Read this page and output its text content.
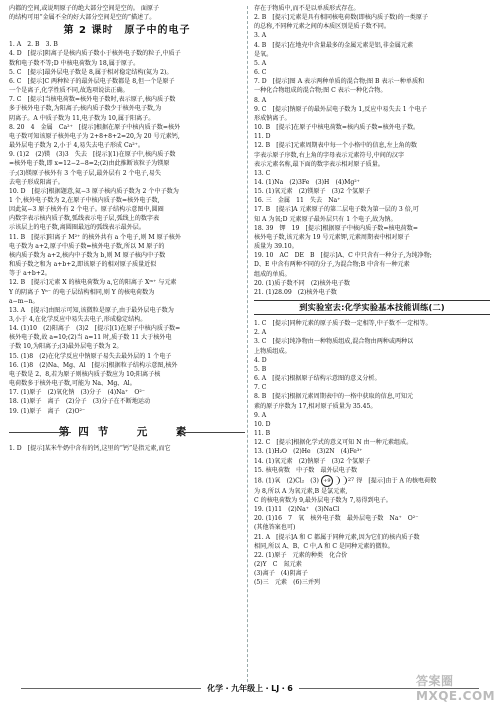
内都的空间,或说明原子的绝大部分空间是空的。 面原子
的结构可用“金属不全的好大部分空间是空的”描述了。
第 2 课时　原子中的电子
1. A　2. B　3. B
4. D　[提示]阴离子是核内质子数小于核外电子数的粒子,中质子
数和电子数不等;D 中核电荷数为 18,属于原子。
5. C　[提示]最外层电子数是 8,属于相对稳定结构(氦为 2)。
6. C　[提示]C 两种粒子的最外层电子数都是 8,但一个是原子
一个是离子,化学性质不同,故选项说法正确。
7. C　[提示]当核电荷数=核外电子数时,表示原子,核内质子数
多于核外电子数,为阳离子;核内质子数少于核外电子数,为
阴离子。A 中质子数为 11,电子数为 10,属于阳离子。
8. 20　4　金属　Ca²⁺　[提示]根据在原子中核内质子数=核外
电子数可知该原子核外电子为 2+8+8+2=20,为 20 号元素钙,
最外层电子数为 2,小于 4,易失去电子形成 Ca²⁺。
9. (1)2　(2)镁　(3)3　失去　[提示](1)在原子中,核内质子数
=核外电子数,即 x=12−2−8=2;(2)由此推断该粒子为镁原
子;(3)镁原子核外有 3 个电子层,最外层有 2 个电子,易失
去电子形成阳离子。
10. D　[提示]根据题意,氦−3 原子核内质子数为 2 个中子数为
1 个,核外电子数为 2,在原子中核内质子数=核外电子数,
因此氦−3 原子核外有 2 个电子。原子结构示意图中,圆圈
内数字表示核内质子数,弧线表示电子层,弧线上的数字表
示该层上的电子数,离圆圈最远的弧线表示最外层。
11. B　[提示]阳离子 M²⁺ 的核外共有 a 个电子,则 M 原子核外
电子数为 a+2,原子中质子数=核外电子数,所以 M 原子的
核内质子数为 a+2,核内中子数为 b,则 M 原子核内中子数
和质子数之和为 a+b+2,即该原子的相对原子质量近似
等于 a+b+2。
12. B　[提示]元素 X 的核电荷数为 a,它的阳离子 Xᵐ⁺ 与元素
Y 的阴离子 Yⁿ⁻ 的电子层结构相同,则 Y 的核电荷数为
a−m−n。
13. A　[提示]由图示可知,该微粒是原子,由于最外层电子数为
3,小于 4,在化学反应中易失去电子,形成稳定结构。
14. (1)10　(2)阳离子　(3)2　[提示](1)在原子中核内质子数=
核外电子数,故 a=10;(2)当 a=11 时,质子数 11 大于核外电
子数 10,为阳离子;(3)最外层电子数为 2。
15. (1)8　(2)在化学反应中钠原子易失去最外层的 1 个电子
16. (1)8　(2)Na、Mg、Al　[提示]根据粒子结构示意图,核外
电子数是 2、8,若为原子则核内质子数应为 10;阳离子核
电荷数多于核外电子数,可能为 Na、Mg、Al。
17. (1)原子　(2)氧化钠　(3)分子　(4)Na⁺　O²⁻
18. (1)原子　离子　(2)分子　(3)分子在不断地运动
19. (1)原子　离子　(2)O²⁻
第四节　元　素
1. D　[提示]某米牛奶中含有的钙,这里的“钙”是指元素,而它
存在于物质中,而不是以单质形式存在。
2. B　[提示]元素是具有相同核电荷数(即核内质子数)的一类原子
的总称,不同种元素之间的本质区别是质子数不同。
3. A
4. B　[提示]在地壳中含量最多的金属元素是铝,非金属元素
是氧。
5. A
6. C
7. D　[提示]图 A 表示两种单质的混合物;图 B 表示一种单质和
一种化合物组成的混合物;图 C 表示一种化合物。
8. A
9. C　[提示]钠原子的最外层电子数为 1,反应中易失去 1 个电子
形成钠离子。
10. B　[提示]在原子中核电荷数=核内质子数=核外电子数。
11. D
12. B　[提示]元素周期表中每一个小格中的信息,左上角的数
字表示原子序数,右上角的字母表示元素符号,中间的汉字
表示元素名称,最下面的数字表示相对原子质量。
13. C
14. (1)Na　(2)3Fe　(3)H　(4)Mg²⁺
15. (1)氧元素　(2)镁原子　(3)2 个氢原子
16. 三　金属　11　失去　Na⁺
17. B　[提示]A 元素原子的第二层电子数为第一层的 3 倍,可
知 A 为氧;D 元素原子最外层只有 1 个电子,故为钠。
18. 39　钾　19　[提示]根据原子中核内质子数=核电荷数=
核外电子数,该元素为 19 号元素钾,元素周期表中相对原子
质量为 39.10。
19. 10　AC　DE　B　[提示]A、C 中只含有一种分子,为纯净物;
D、E 中含有两种不同的分子,为混合物;B 中含有一种元素
组成的单质。
20. (1)质子数不同　(2)核外电子数
21. (1)28.09　(2)核外电子数
到实验室去:化学实验基本技能训练(二)
1. C　[提示]同种元素的原子质子数一定相等,中子数不一定相等。
2. A
3. C　[提示]纯净物由一种物质组成,混合物由两种或两种以
上物质组成。
4. D
5. B
6. A　[提示]根据原子结构示意图的意义分析。
7. C
8. B　[提示]根据元素周期表中的一格中获取的信息,可知元
素的原子序数为 17,相对原子质量为 35.45。
9. A
10. D
11. B
12. C　[提示]根据化学式的意义可知 N 由一种元素组成。
13. (1)H₂O　(2)He　(3)2N　(4)Fe³⁺
14. (1)氧元素　(2)钠原子　(3)2 个氢原子
15. 核电荷数　中子数　最外层电子数
18. (1)氧　(2)Cl₂　(3) +9	27 得　[提示]由于 A 的核电荷数
为 8,所以 A 为氧元素,B 是氯元素,
C 的核电荷数为 9,最外层电子数为 7,易得到电子。
19. (1)11　(2)Na⁺　(3)NaCl
20. (1)16　7　氧　核外电子数　最外层电子数　Na⁺　O²⁻
(其他答案也可)
21. A　[提示]A 和 C 都属于同种元素,因为它们的核内质子数
相同,所以 A、B、C 中,A 和 C 是同种元素的微粒。
22. (1)原子　元素的种类　化合价
(2)Y　C　氮元素
(3)离子　(4)阴离子
(5)三　元素　(6)三并列
化学・九年级上・LJ・6
答案圈 MXQE.COM
